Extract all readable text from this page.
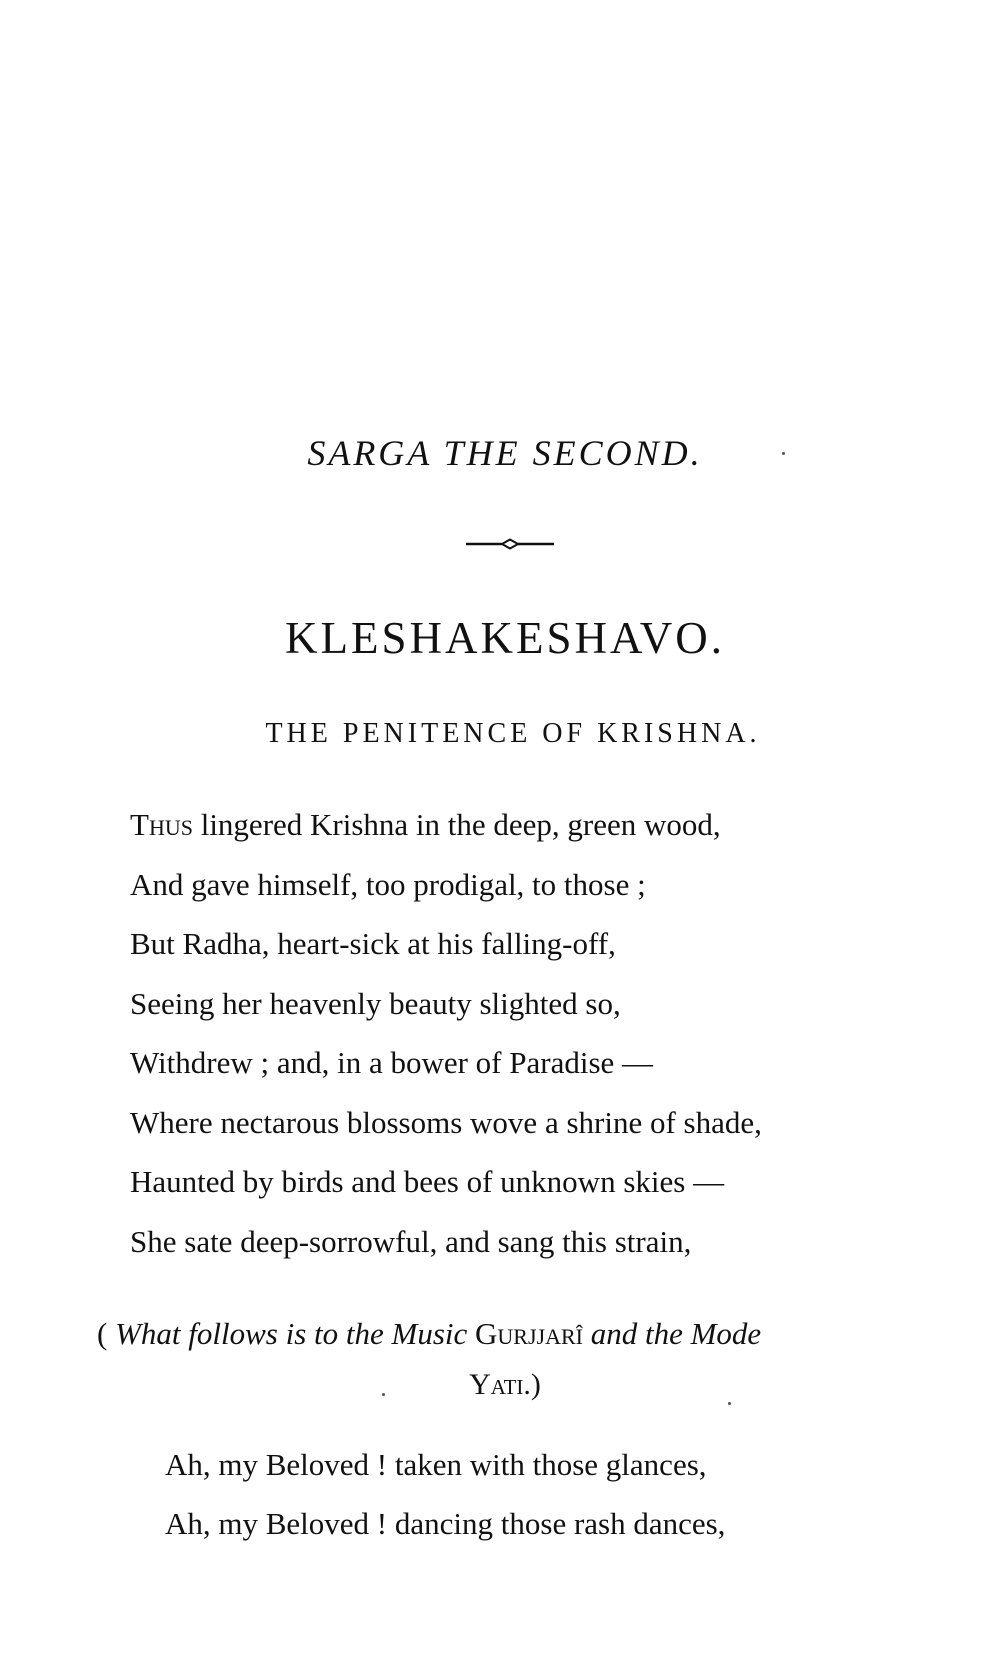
SARGA THE SECOND.
KLESHAKESHAVO.
THE PENITENCE OF KRISHNA.
Thus lingered Krishna in the deep, green wood,
And gave himself, too prodigal, to those ;
But Radha, heart-sick at his falling-off,
Seeing her heavenly beauty slighted so,
Withdrew ; and, in a bower of Paradise —
Where nectarous blossoms wove a shrine of shade,
Haunted by birds and bees of unknown skies —
She sate deep-sorrowful, and sang this strain,
( What follows is to the Music Gurjjarî and the Mode
Yati.)
Ah, my Beloved ! taken with those glances,
Ah, my Beloved ! dancing those rash dances,
